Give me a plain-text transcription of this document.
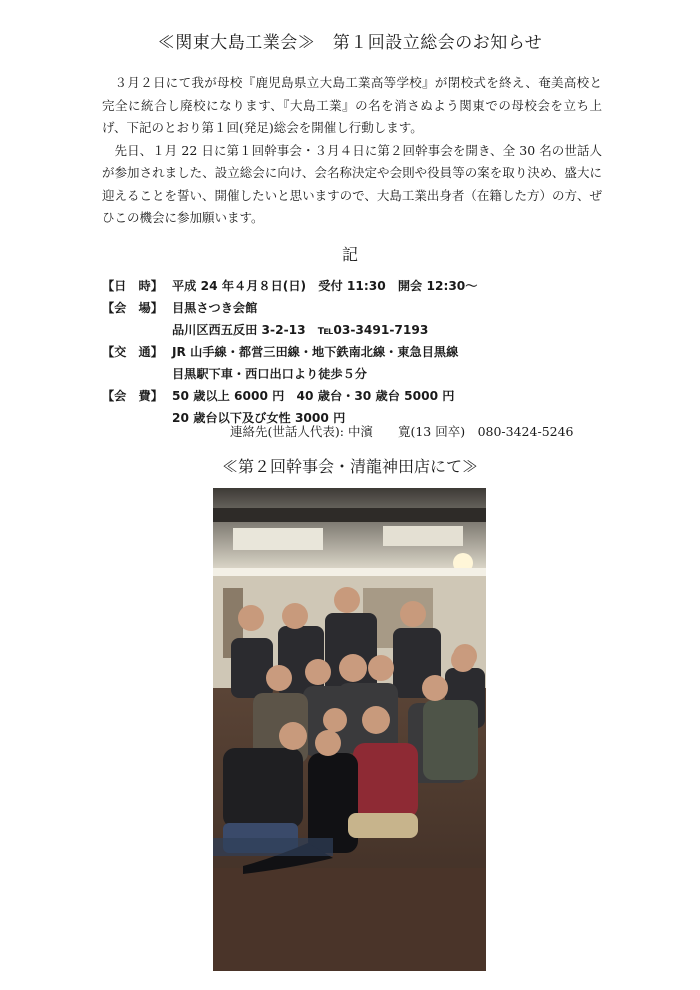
≪関東大島工業会≫　第１回設立総会のお知らせ

３月２日にて我が母校『鹿児島県立大島工業高等学校』が閉校式を終え、奄美高校と完全に統合し廃校になります、『大島工業』の名を消さぬよう関東での母校会を立ち上げ、下記のとおり第１回(発足)総会を開催し行動します。

先日、１月 22 日に第１回幹事会・３月４日に第２回幹事会を開き、全 30 名の世話人が参加されました、設立総会に向け、会名称決定や会則や役員等の案を取り決め、盛大に迎えることを誓い、開催したいと思いますので、大島工業出身者（在籍した方）の方、ぜひこの機会に参加願います。

記
【日　時】 平成 24 年４月８日(日)　受付 11:30　開会 12:30～
【会　場】 目黒さつき会館
品川区西五反田 3-2-13　℡03-3491-7193
【交　通】 JR 山手線・都営三田線・地下鉄南北線・東急目黒線
目黒駅下車・西口出口より徒歩５分
【会　費】 50 歳以上 6000 円　40 歳台・30 歳台 5000 円
20 歳台以下及び女性 3000 円
連絡先(世話人代表): 中濱　　寛(13 回卒)　080-3424-5246
≪第２回幹事会・清龍神田店にて≫
